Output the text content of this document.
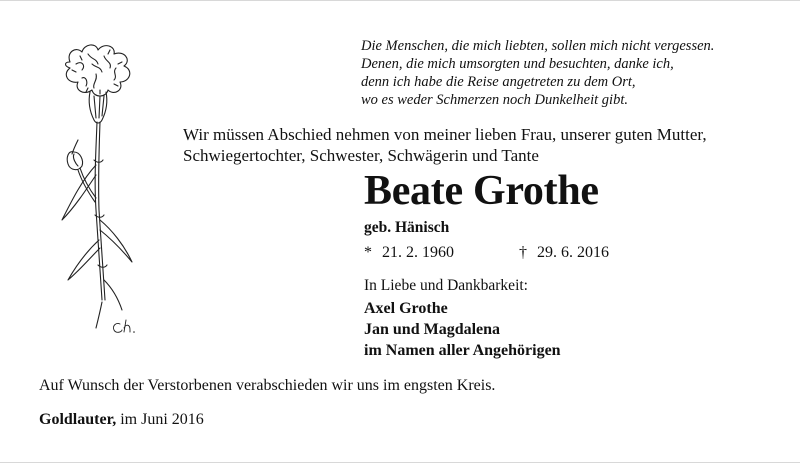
Die Menschen, die mich liebten, sollen mich nicht vergessen.
Denen, die mich umsorgten und besuchten, danke ich,
denn ich habe die Reise angetreten zu dem Ort,
wo es weder Schmerzen noch Dunkelheit gibt.
Wir müssen Abschied nehmen von meiner lieben Frau, unserer guten Mutter,
Schwiegertochter, Schwester, Schwägerin und Tante
Beate Grothe
geb. Hänisch
* 21. 2. 1960	† 29. 6. 2016
In Liebe und Dankbarkeit:
Axel Grothe
Jan und Magdalena
im Namen aller Angehörigen
Auf Wunsch der Verstorbenen verabschieden wir uns im engsten Kreis.
Goldlauter, im Juni 2016
